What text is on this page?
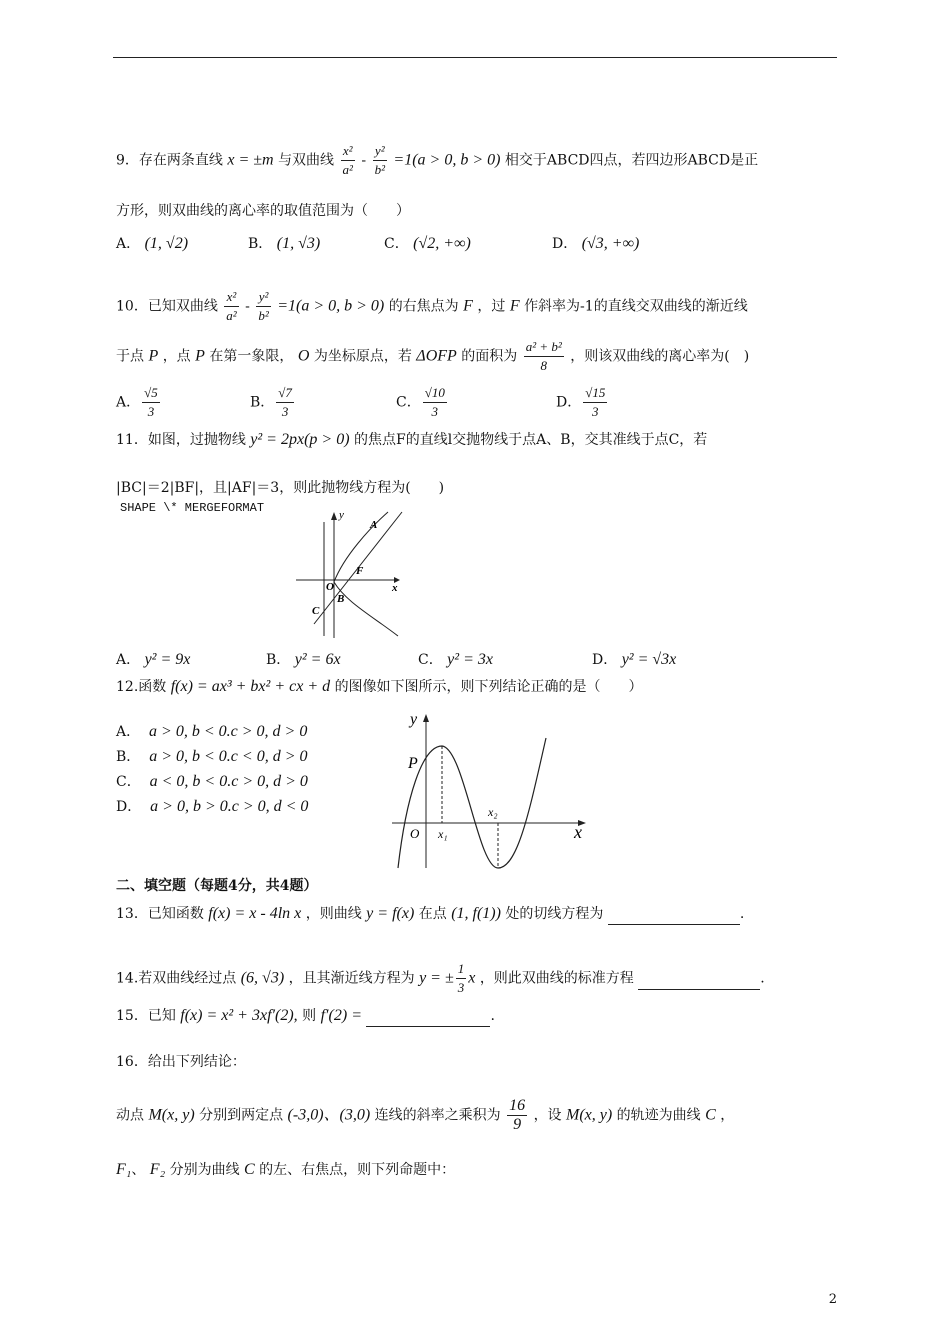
9．存在两条直线 x = ±m 与双曲线 $\frac{\text{x²}}{\text{a²}} - \frac{\text{y²}}{\text{b²}} =1(a > 0$, b > 0) 相交于ABCD四点，若四边形ABCD是正
方形，则双曲线的离心率的取值范围为（　　）
A． (1, √2)	B． (1, √3)	C． (√2, +∞)	D． (√3, +∞)
10．已知双曲线 $\frac{\text{x²}}{\text{a²}} - \frac{\text{y²}}{\text{b²}} =1(a > 0$, b > 0) 的右焦点为 F ，过 F 作斜率为-1的直线交双曲线的渐近线
于点 P ，点 P 在第一象限， O 为坐标原点，若 ΔOFP 的面积为 $\frac{\text{a² + b²}}{8}$ ，则该双曲线的离心率为(　)
A． $\frac{√5}{3}$	B． $\frac{√7}{3}$	C． $\frac{√10}{3}$	D． $\frac{√15}{3}$
11．如图，过抛物线 y² = 2px(p > 0) 的焦点F的直线l交抛物线于点A、B，交其准线于点C，若
|BC|＝2|BF|，且|AF|＝3，则此抛物线方程为(　　)
SHAPE \* MERGEFORMAT	y
x
A
F
O
B
C
A． y² = 9x	B． y² = 6x	C． y² = 3x	D． y² = √3x
12.函数 f(x) = ax³ + bx² + cx + d 的图像如下图所示，则下列结论正确的是（　　）
A． a > 0, b < 0.c > 0, d > 0
B． a > 0, b < 0.c < 0, d > 0
C． a < 0, b < 0.c > 0, d > 0
D． a > 0, b > 0.c > 0, d < 0
y
P
O x₁
x₂
x
二、填空题（每题4分，共4题）
13．已知函数 f(x) = x - 4ln x ，则曲线 y = f(x) 在点 (1, f(1)) 处的切线方程为	.
14.若双曲线经过点 (6, √3) ，且其渐近线方程为 y = ± $\frac{1}{3}$ x ，则此双曲线的标准方程	.
15．已知 f(x) = x² + 3xf′(2), 则 f′(2) =	.
16．给出下列结论：
动点 M(x, y) 分别到两定点 (-3,0)、(3,0) 连线的斜率之乘积为 $\frac{16}{9}$ ，设 M(x, y) 的轨迹为曲线 C ，
F₁、 F₂ 分别为曲线 C 的左、右焦点，则下列命题中：
2
